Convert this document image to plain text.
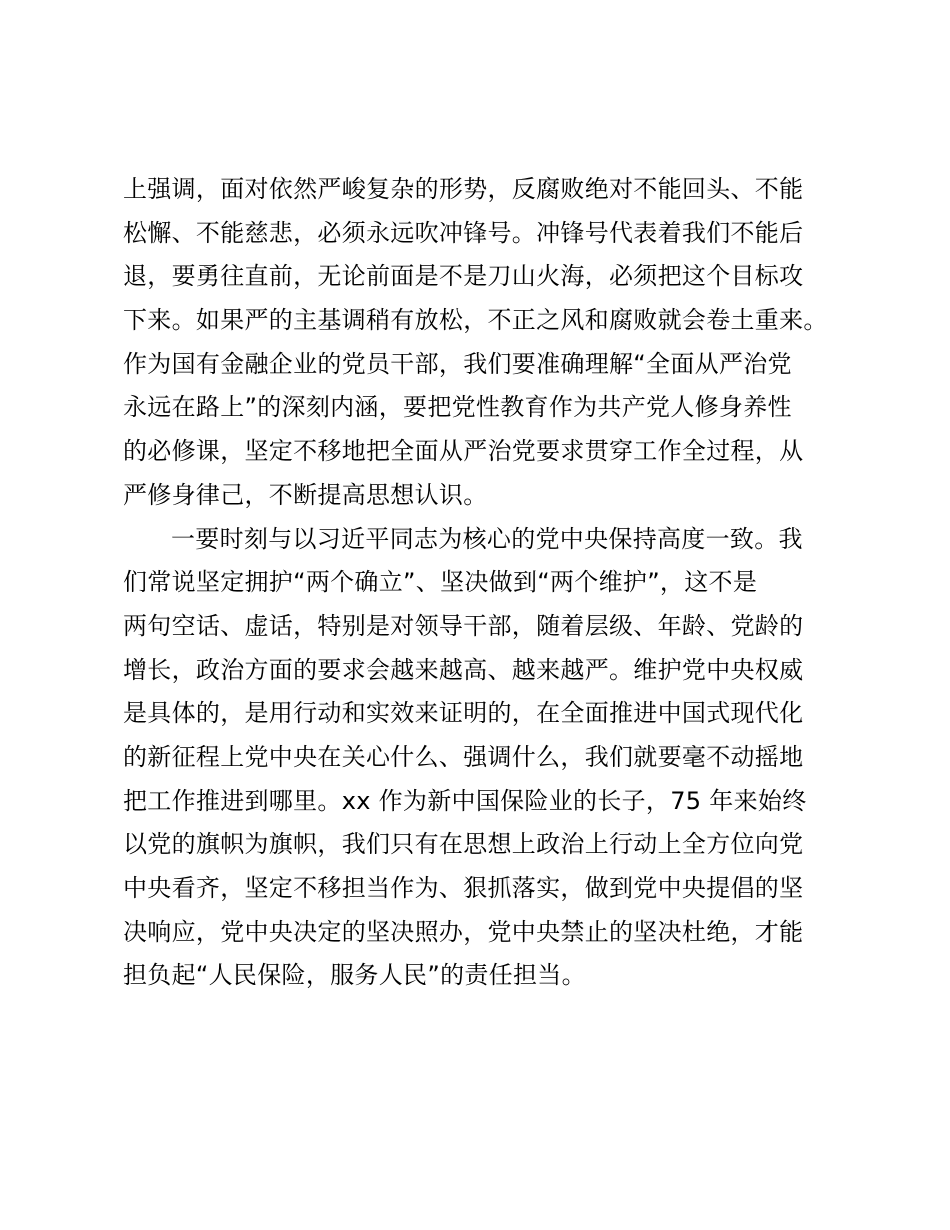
上强调，面对依然严峻复杂的形势，反腐败绝对不能回头、不能
松懈、不能慈悲，必须永远吹冲锋号。冲锋号代表着我们不能后
退，要勇往直前，无论前面是不是刀山火海，必须把这个目标攻
下来。如果严的主基调稍有放松，不正之风和腐败就会卷土重来。
作为国有金融企业的党员干部，我们要准确理解“全面从严治党
永远在路上”的深刻内涵，要把党性教育作为共产党人修身养性
的必修课，坚定不移地把全面从严治党要求贯穿工作全过程，从
严修身律己，不断提高思想认识。
一要时刻与以习近平同志为核心的党中央保持高度一致。我
们常说坚定拥护“两个确立”、坚决做到“两个维护”，这不是
两句空话、虚话，特别是对领导干部，随着层级、年龄、党龄的
增长，政治方面的要求会越来越高、越来越严。维护党中央权威
是具体的，是用行动和实效来证明的，在全面推进中国式现代化
的新征程上党中央在关心什么、强调什么，我们就要毫不动摇地
把工作推进到哪里。xx 作为新中国保险业的长子，75 年来始终
以党的旗帜为旗帜，我们只有在思想上政治上行动上全方位向党
中央看齐，坚定不移担当作为、狠抓落实，做到党中央提倡的坚
决响应，党中央决定的坚决照办，党中央禁止的坚决杜绝，才能
担负起“人民保险，服务人民”的责任担当。
